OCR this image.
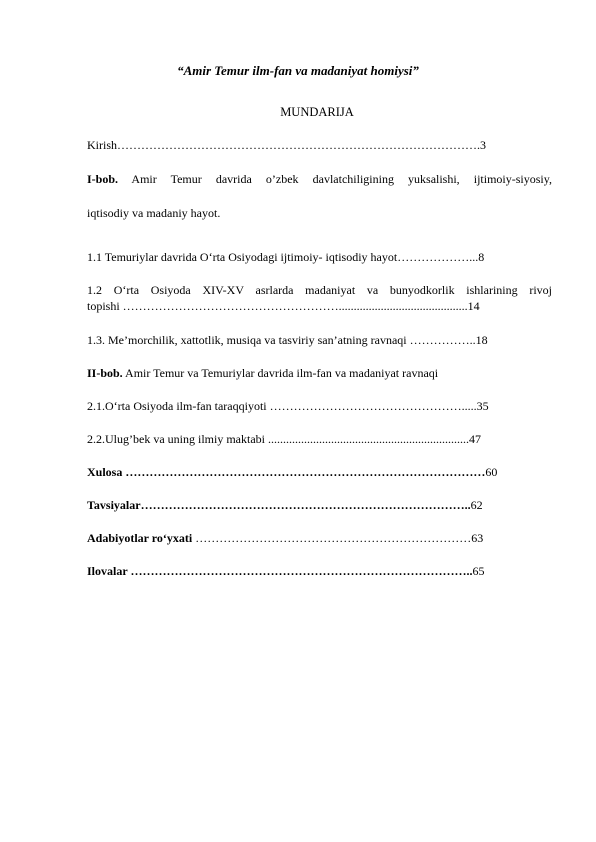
“Amir Temur ilm-fan va madaniyat homiysi”
MUNDARIJA
Kirish……………………………………………………………………………….3
I-bob. Amir Temur davrida o’zbek davlatchiligining yuksalishi, ijtimoiy-siyosiy,
iqtisodiy va madaniy hayot.
1.1 Temuriylar davrida O‘rta Osiyodagi ijtimoiy- iqtisodiy hayot………………...8
1.2 O‘rta Osiyoda XIV-XV asrlarda madaniyat va bunyodkorlik ishlarining rivoj
topishi ………………………………………………...........................................14
1.3. Me’morchilik, xattotlik, musiqa va tasviriy san’atning ravnaqi ……………..18
II-bob. Amir Temur va Temuriylar davrida ilm-fan va madaniyat ravnaqi
2.1.O‘rta Osiyoda ilm-fan taraqqiyoti ………………………………………….....35
2.2.Ulug’bek va uning ilmiy maktabi ...................................................................47
Xulosa ………………………………………………………………………………60
Tavsiyalar………………………………………………………………………..62
Adabiyotlar ro‘yxati ……………………………………………………………63
Ilovalar …………………………………………………………………………..65
